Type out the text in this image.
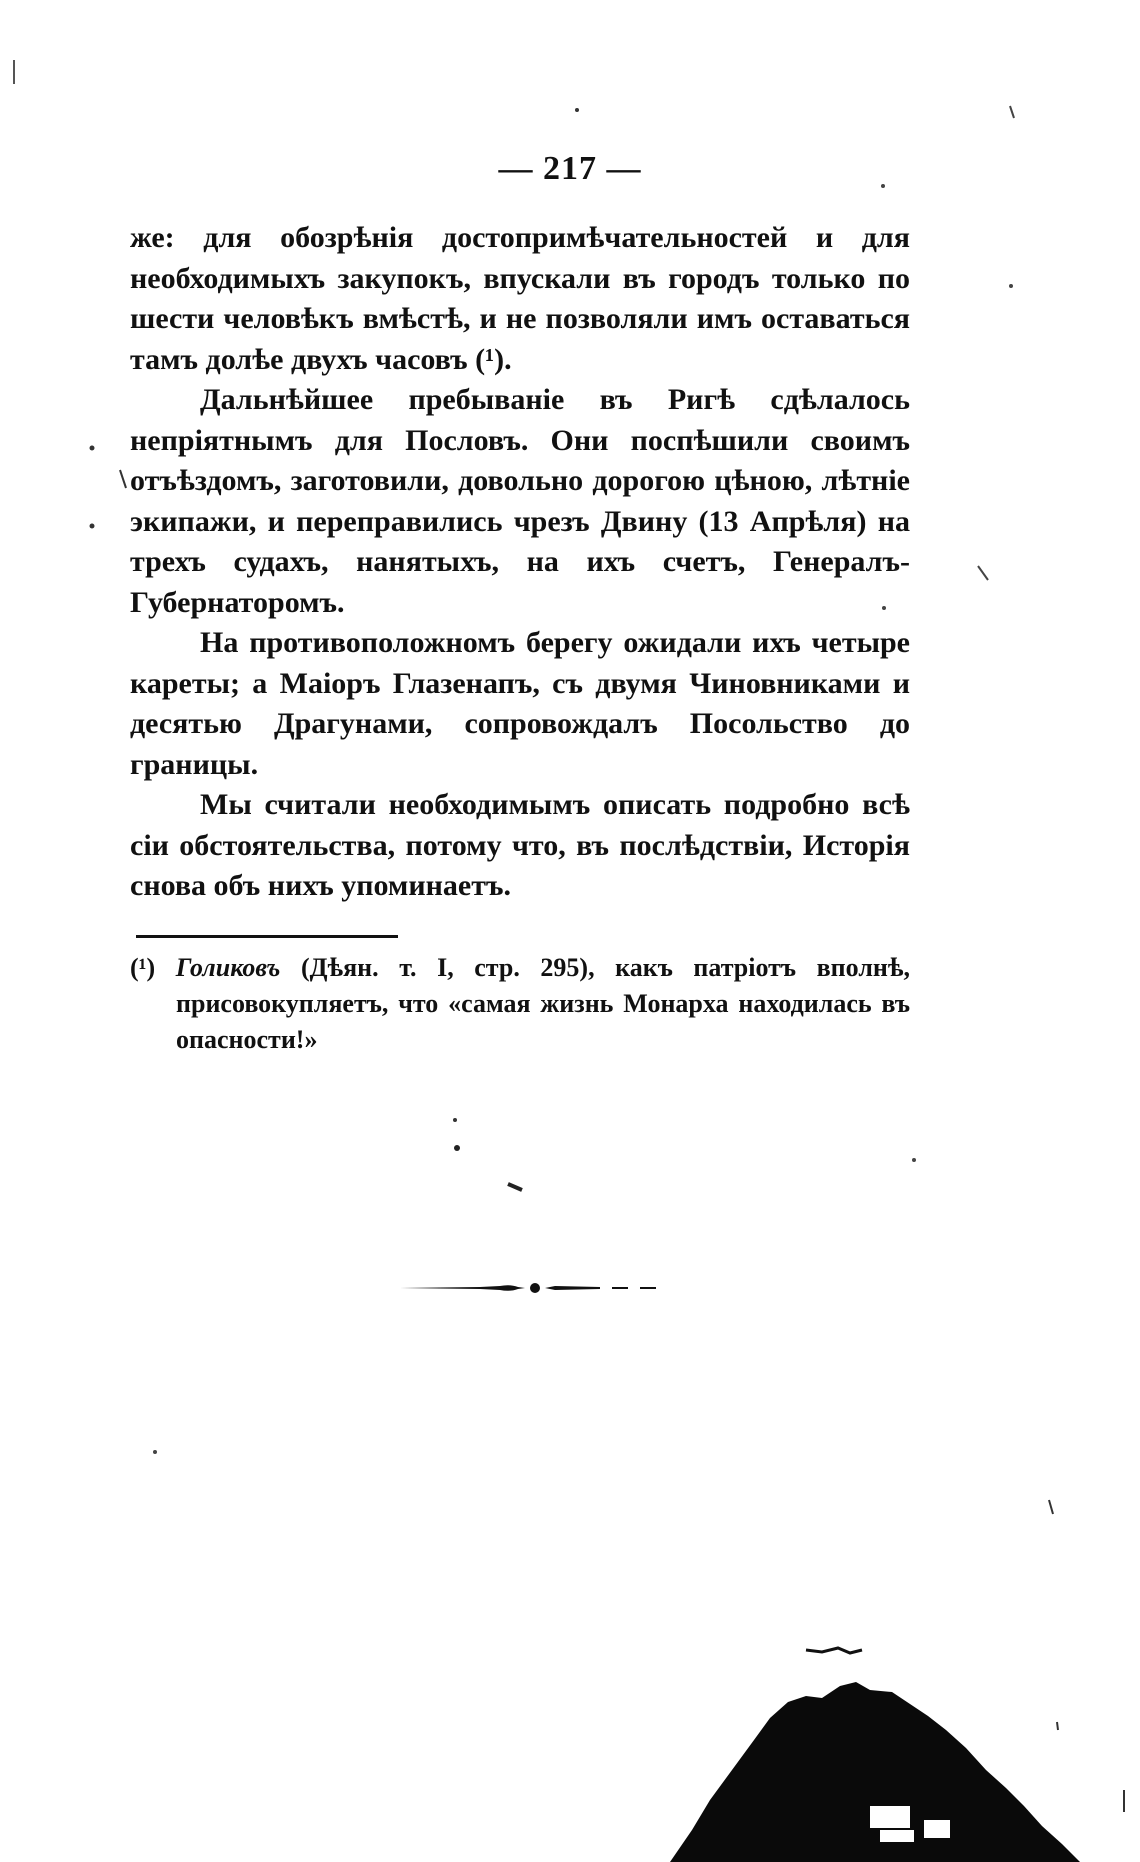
— 217 —

же: для обозрѣнія достопримѣчательностей и для необходимыхъ закупокъ, впускали въ городъ только по шести человѣкъ вмѣстѣ, и не позволяли имъ оставаться тамъ долѣе двухъ часовъ (¹).

Дальнѣйшее пребываніе въ Ригѣ сдѣлалось непріятнымъ для Пословъ. Они поспѣшили своимъ отъѣздомъ, заготовили, довольно дорогою цѣною, лѣтніе экипажи, и переправились чрезъ Двину (13 Апрѣля) на трехъ судахъ, нанятыхъ, на ихъ счетъ, Генералъ-Губернаторомъ.

На противоположномъ берегу ожидали ихъ четыре кареты; а Маіоръ Глазенапъ, съ двумя Чиновниками и десятью Драгунами, сопровождалъ Посольство до границы.

Мы считали необходимымъ описать подробно всѣ сіи обстоятельства, потому что, въ послѣдствіи, Исторія снова объ нихъ упоминаетъ.

(¹) Голиковъ (Дѣян. т. I, стр. 295), какъ патріотъ вполнѣ, присовокупляетъ, что «самая жизнь Монарха находилась въ опасности!»
